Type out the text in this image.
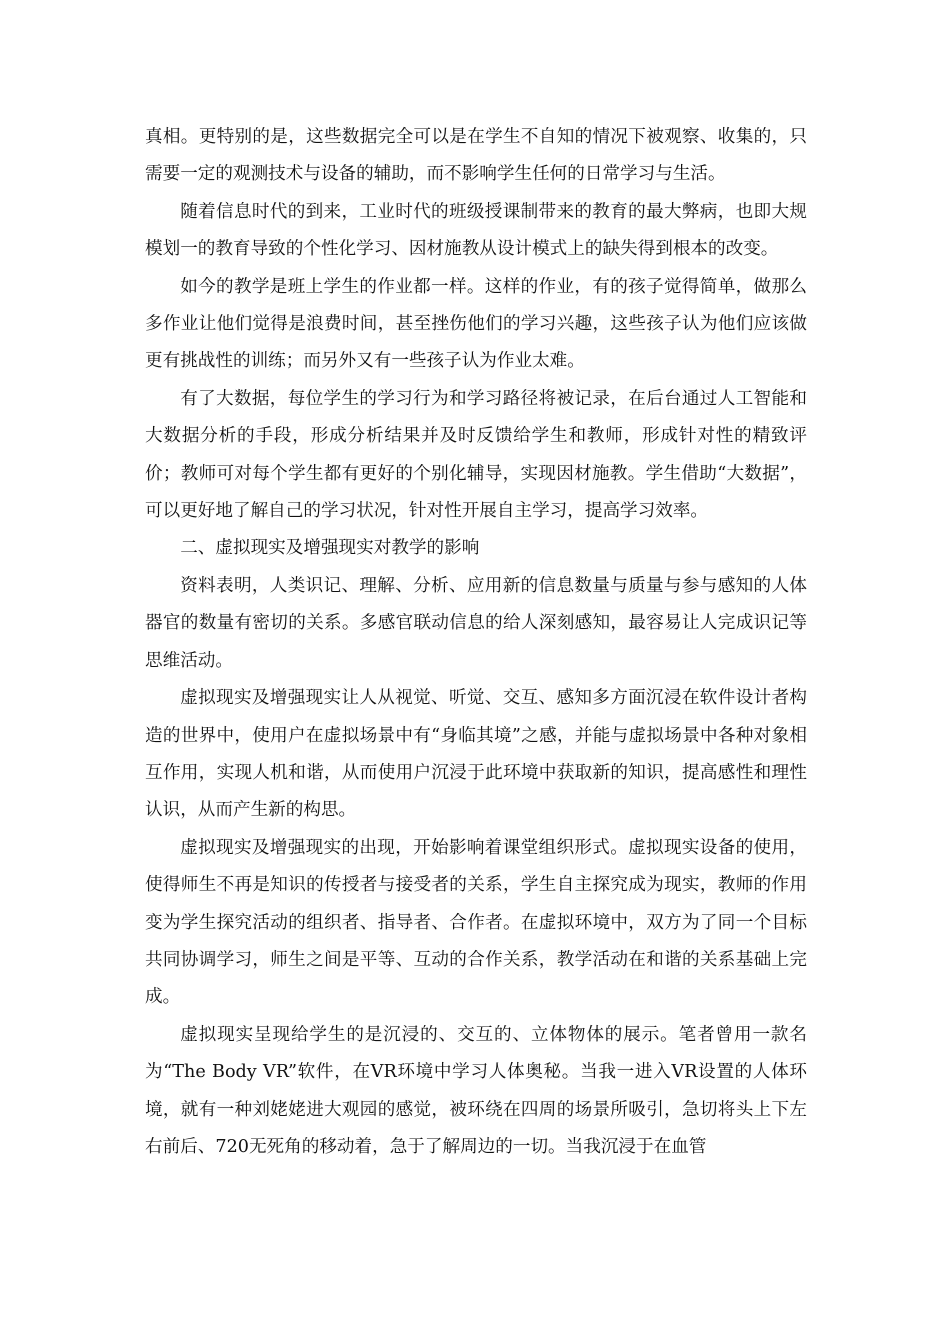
真相。更特别的是，这些数据完全可以是在学生不自知的情况下被观察、收集的，只需要一定的观测技术与设备的辅助，而不影响学生任何的日常学习与生活。

随着信息时代的到来，工业时代的班级授课制带来的教育的最大弊病，也即大规模划一的教育导致的个性化学习、因材施教从设计模式上的缺失得到根本的改变。

如今的教学是班上学生的作业都一样。这样的作业，有的孩子觉得简单，做那么多作业让他们觉得是浪费时间，甚至挫伤他们的学习兴趣，这些孩子认为他们应该做更有挑战性的训练；而另外又有一些孩子认为作业太难。

有了大数据，每位学生的学习行为和学习路径将被记录，在后台通过人工智能和大数据分析的手段，形成分析结果并及时反馈给学生和教师，形成针对性的精致评价；教师可对每个学生都有更好的个别化辅导，实现因材施教。学生借助“大数据”，可以更好地了解自己的学习状况，针对性开展自主学习，提高学习效率。

二、虚拟现实及增强现实对教学的影响

资料表明，人类识记、理解、分析、应用新的信息数量与质量与参与感知的人体器官的数量有密切的关系。多感官联动信息的给人深刻感知，最容易让人完成识记等思维活动。

虚拟现实及增强现实让人从视觉、听觉、交互、感知多方面沉浸在软件设计者构造的世界中，使用户在虚拟场景中有“身临其境”之感，并能与虚拟场景中各种对象相互作用，实现人机和谐，从而使用户沉浸于此环境中获取新的知识，提高感性和理性认识，从而产生新的构思。

虚拟现实及增强现实的出现，开始影响着课堂组织形式。虚拟现实设备的使用，使得师生不再是知识的传授者与接受者的关系，学生自主探究成为现实，教师的作用变为学生探究活动的组织者、指导者、合作者。在虚拟环境中，双方为了同一个目标共同协调学习，师生之间是平等、互动的合作关系，教学活动在和谐的关系基础上完成。

虚拟现实呈现给学生的是沉浸的、交互的、立体物体的展示。笔者曾用一款名为“The Body VR”软件，在VR环境中学习人体奥秘。当我一进入VR设置的人体环境，就有一种刘姥姥进大观园的感觉，被环绕在四周的场景所吸引，急切将头上下左右前后、720无死角的移动着，急于了解周边的一切。当我沉浸于在血管
